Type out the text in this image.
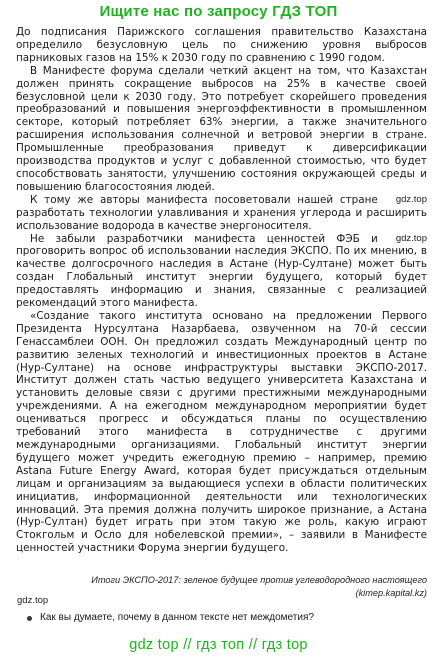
Ищите нас по запросу ГДЗ ТОП

До подписания Парижского соглашения правительство Казахстана определило безусловную цель по снижению уровня выбросов парниковых газов на 15% к 2030 году по сравнению с 1990 годом.

В Манифесте форума сделали четкий акцент на том, что Казахстан должен принять сокращение выбросов на 25% в качестве своей безусловной цели к 2030 году. Это потребует скорейшего проведения преобразований и повышения энергоэффективности в промышленном секторе, который потребляет 63% энергии, а также значительного расширения использования солнечной и ветровой энергии в стране. Промышленные преобразования приведут к диверсификации производства продуктов и услуг с добавленной стоимостью, что будет способствовать занятости, улучшению состояния окружающей среды и повышению благосостояния людей.

gdz.top
К тому же авторы манифеста посоветовали нашей стране разработать технологии улавливания и хранения углерода и расширить использование водорода в качестве энергоносителя.

gdz.top
Не забыли разработчики манифеста ценностей ФЭБ и проговорить вопрос об использовании наследия ЭКСПО. По их мнению, в качестве долгосрочного наследия в Астане (Нур-Султане) может быть создан Глобальный институт энергии будущего, который будет предоставлять информацию и знания, связанные с реализацией рекомендаций этого манифеста.

«Создание такого института основано на предложении Первого Президента Нурсултана Назарбаева, озвученном на 70-й сессии Генассамблеи ООН. Он предложил создать Международный центр по развитию зеленых технологий и инвестиционных проектов в Астане (Нур-Султане) на основе инфраструктуры выставки ЭКСПО-2017. Институт должен стать частью ведущего университета Казахстана и установить деловые связи с другими престижными международными учреждениями. А на ежегодном международном мероприятии будет оцениваться прогресс и обсуждаться планы по осуществлению требований этого манифеста в сотрудничестве с другими международными организациями. Глобальный институт энергии будущего может учредить ежегодную премию – например, премию Astana Future Energy Award, которая будет присуждаться отдельным лицам и организациям за выдающиеся успехи в области политических инициатив, информационной деятельности или технологических инноваций. Эта премия должна получить широкое признание, а Астана (Нур-Султан) будет играть при этом такую же роль, какую играют Стокгольм и Осло для нобелевской премии», – заявили в Манифесте ценностей участники Форума энергии будущего.

Итоги ЭКСПО-2017: зеленое будущее против углеводородного настоящего
(kimep.kapital.kz)
gdz.top
Как вы думаете, почему в данном тексте нет междометия?
gdz top // гдз топ // гдз top
